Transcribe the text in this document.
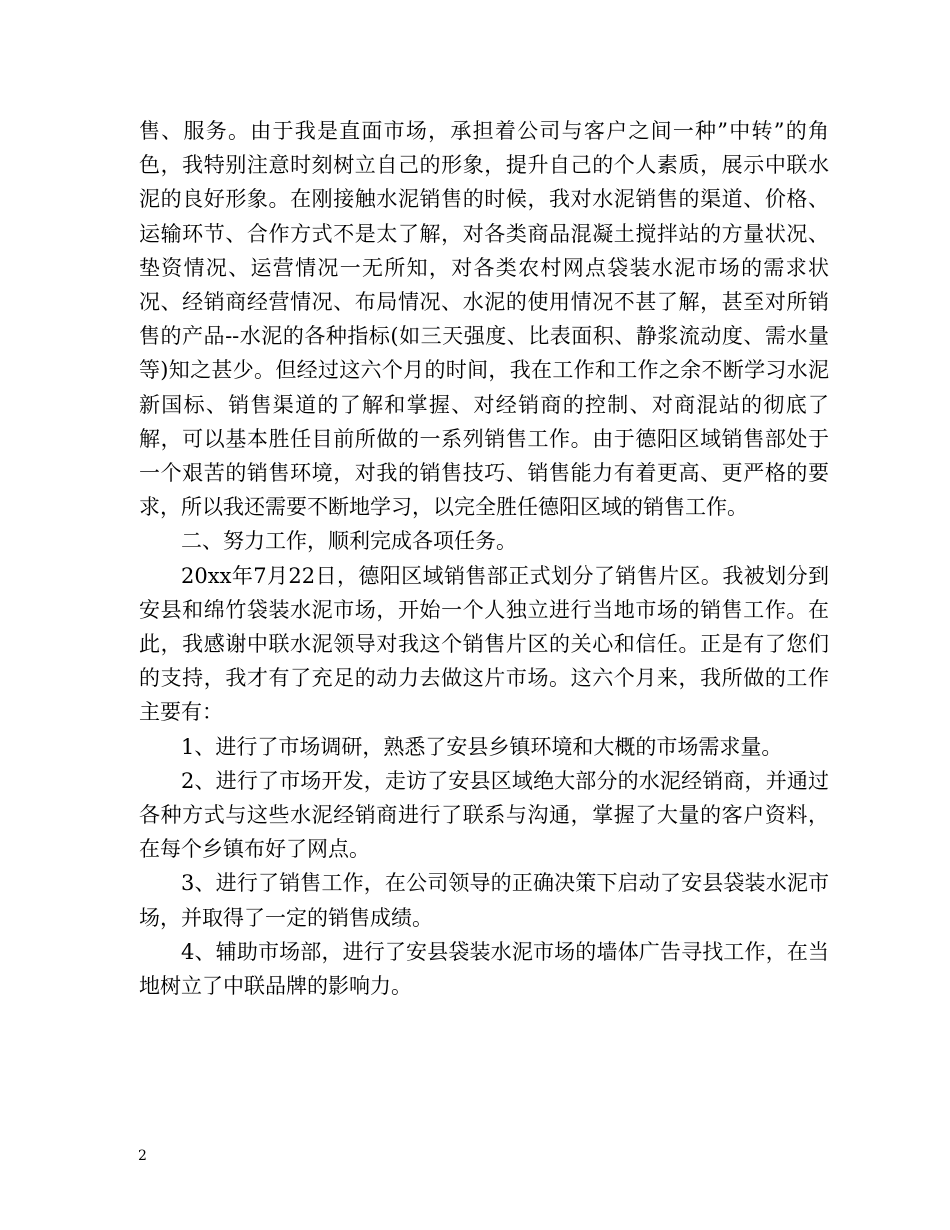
售、服务。由于我是直面市场，承担着公司与客户之间一种”中转”的角色，我特别注意时刻树立自己的形象，提升自己的个人素质，展示中联水泥的良好形象。在刚接触水泥销售的时候，我对水泥销售的渠道、价格、运输环节、合作方式不是太了解，对各类商品混凝土搅拌站的方量状况、垫资情况、运营情况一无所知，对各类农村网点袋装水泥市场的需求状况、经销商经营情况、布局情况、水泥的使用情况不甚了解，甚至对所销售的产品--水泥的各种指标(如三天强度、比表面积、静浆流动度、需水量等)知之甚少。但经过这六个月的时间，我在工作和工作之余不断学习水泥新国标、销售渠道的了解和掌握、对经销商的控制、对商混站的彻底了解，可以基本胜任目前所做的一系列销售工作。由于德阳区域销售部处于一个艰苦的销售环境，对我的销售技巧、销售能力有着更高、更严格的要求，所以我还需要不断地学习，以完全胜任德阳区域的销售工作。

二、努力工作，顺利完成各项任务。

20xx年7月22日，德阳区域销售部正式划分了销售片区。我被划分到安县和绵竹袋装水泥市场，开始一个人独立进行当地市场的销售工作。在此，我感谢中联水泥领导对我这个销售片区的关心和信任。正是有了您们的支持，我才有了充足的动力去做这片市场。这六个月来，我所做的工作主要有：

1、进行了市场调研，熟悉了安县乡镇环境和大概的市场需求量。

2、进行了市场开发，走访了安县区域绝大部分的水泥经销商，并通过各种方式与这些水泥经销商进行了联系与沟通，掌握了大量的客户资料，在每个乡镇布好了网点。

3、进行了销售工作，在公司领导的正确决策下启动了安县袋装水泥市场，并取得了一定的销售成绩。

4、辅助市场部，进行了安县袋装水泥市场的墙体广告寻找工作，在当地树立了中联品牌的影响力。

2
